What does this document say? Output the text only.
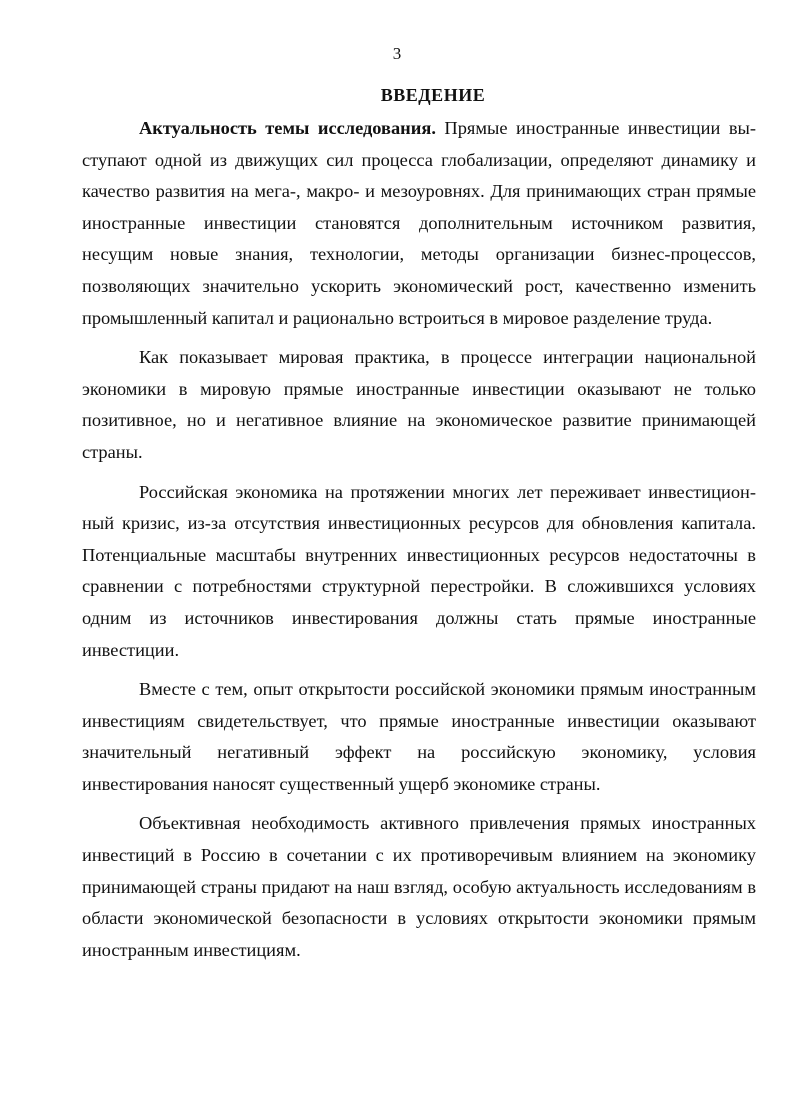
3
ВВЕДЕНИЕ

Актуальность темы исследования. Прямые иностранные инвестиции выступают одной из движущих сил процесса глобализации, определяют динамику и качество развития на мега-, макро- и мезоуровнях. Для принимающих стран прямые иностранные инвестиции становятся дополнительным источником развития, несущим новые знания, технологии, методы организации бизнес-процессов, позволяющих значительно ускорить экономический рост, качественно изменить промышленный капитал и рационально встроиться в мировое разделение труда.

Как показывает мировая практика, в процессе интеграции национальной экономики в мировую прямые иностранные инвестиции оказывают не только позитивное, но и негативное влияние на экономическое развитие принимающей страны.

Российская экономика на протяжении многих лет переживает инвестиционный кризис, из-за отсутствия инвестиционных ресурсов для обновления капитала. Потенциальные масштабы внутренних инвестиционных ресурсов недостаточны в сравнении с потребностями структурной перестройки. В сложившихся условиях одним из источников инвестирования должны стать прямые иностранные инвестиции.

Вместе с тем, опыт открытости российской экономики прямым иностранным инвестициям свидетельствует, что прямые иностранные инвестиции оказывают значительный негативный эффект на российскую экономику, условия инвестирования наносят существенный ущерб экономике страны.

Объективная необходимость активного привлечения прямых иностранных инвестиций в Россию в сочетании с их противоречивым влиянием на экономику принимающей страны придают на наш взгляд, особую актуальность исследованиям в области экономической безопасности в условиях открытости экономики прямым иностранным инвестициям.
